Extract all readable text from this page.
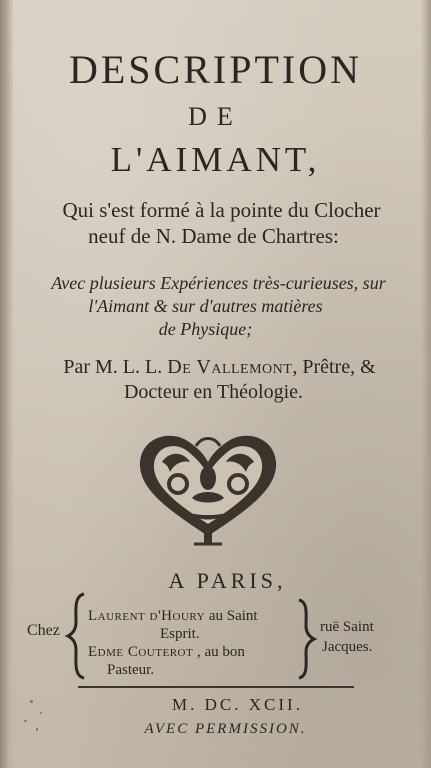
DESCRIPTION
DE
L'AIMANT,
Qui s'est formé à la pointe du Clocher
neuf de N. Dame de Chartres:
Avec plusieurs Expériences très-curieuses, sur
l'Aimant & sur d'autres matières
de Physique;
Par M. L. L. De Vallemont, Prêtre, &
Docteur en Théologie.
A PARIS,
Chez
Laurent d'Houry au Saint
Esprit.
Edme Couterot , au bon
Pasteur.
ruë Saint
Jacques.
M. DC. XCII.
AVEC PERMISSION.
